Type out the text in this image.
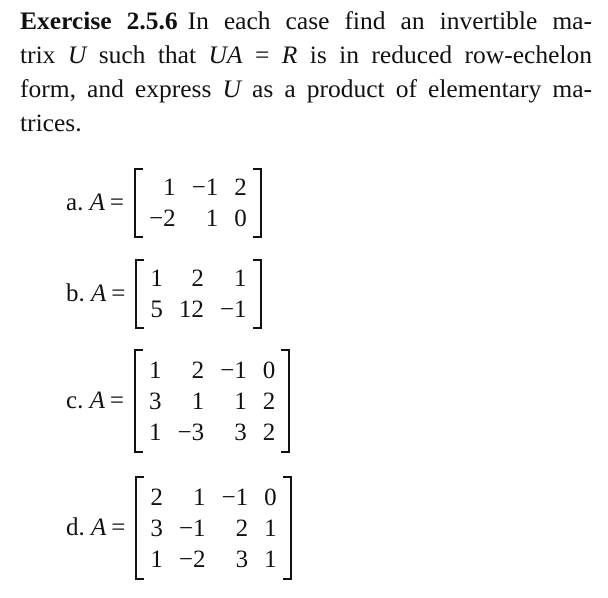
Exercise 2.5.6 In each case find an invertible ma-
trix U such that UA = R is in reduced row-echelon
form, and express U as a product of elementary ma-
trices.
a. A  =
1 −1 2
−2	1 0
b. A  =
1	2	1
5 12 −1
c. A  =
1	2 −1 0
3	1	1 2
1 −3	3 2
d. A  =
2	1 −1 0
3 −1	2 1
1 −2	3 1
